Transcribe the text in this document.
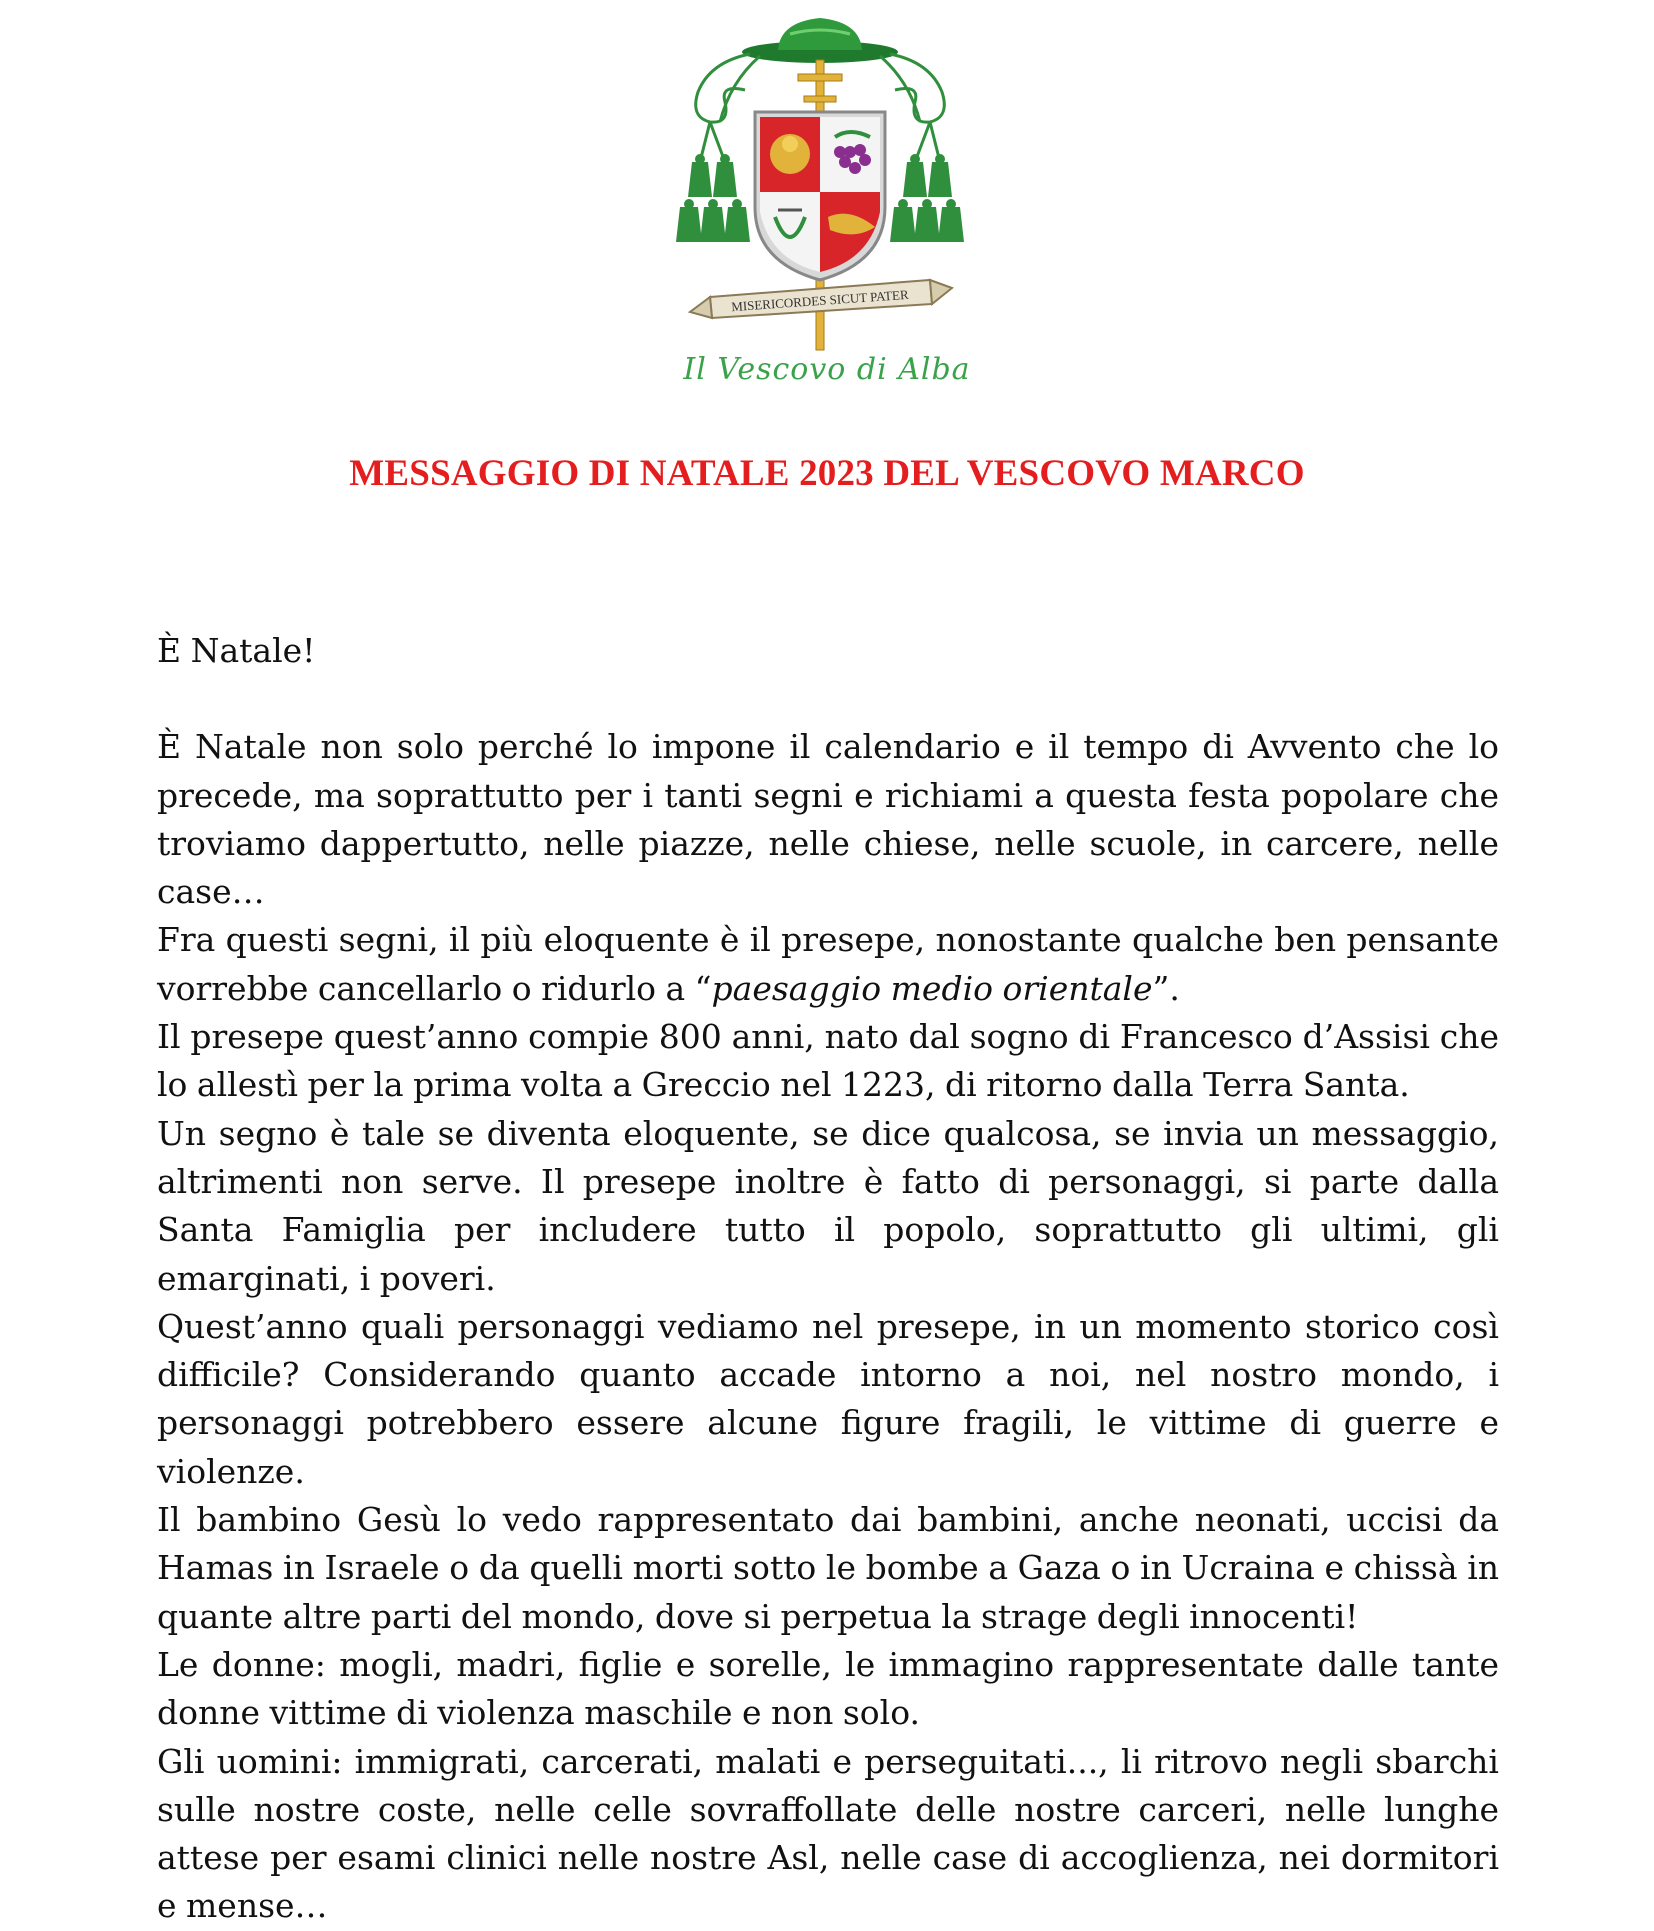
MISERICORDES SICUT PATER
Il Vescovo di Alba
MESSAGGIO DI NATALE 2023 DEL VESCOVO MARCO

È Natale!

È Natale non solo perché lo impone il calendario e il tempo di Avvento che lo precede, ma soprattutto per i tanti segni e richiami a questa festa popolare che troviamo dappertutto, nelle piazze, nelle chiese, nelle scuole, in carcere, nelle case…

Fra questi segni, il più eloquente è il presepe, nonostante qualche ben pensante vorrebbe cancellarlo o ridurlo a “paesaggio medio orientale”.

Il presepe quest’anno compie 800 anni, nato dal sogno di Francesco d’Assisi che lo allestì per la prima volta a Greccio nel 1223, di ritorno dalla Terra Santa.

Un segno è tale se diventa eloquente, se dice qualcosa, se invia un messaggio, altrimenti non serve. Il presepe inoltre è fatto di personaggi, si parte dalla Santa Famiglia per includere tutto il popolo, soprattutto gli ultimi, gli emarginati, i poveri.

Quest’anno quali personaggi vediamo nel presepe, in un momento storico così difficile? Considerando quanto accade intorno a noi, nel nostro mondo, i personaggi potrebbero essere alcune figure fragili, le vittime di guerre e violenze.

Il bambino Gesù lo vedo rappresentato dai bambini, anche neonati, uccisi da Hamas in Israele o da quelli morti sotto le bombe a Gaza o in Ucraina e chissà in quante altre parti del mondo, dove si perpetua la strage degli innocenti!

Le donne: mogli, madri, figlie e sorelle, le immagino rappresentate dalle tante donne vittime di violenza maschile e non solo.

Gli uomini: immigrati, carcerati, malati e perseguitati..., li ritrovo negli sbarchi sulle nostre coste, nelle celle sovraffollate delle nostre carceri, nelle lunghe attese per esami clinici nelle nostre Asl, nelle case di accoglienza, nei dormitori e mense…
